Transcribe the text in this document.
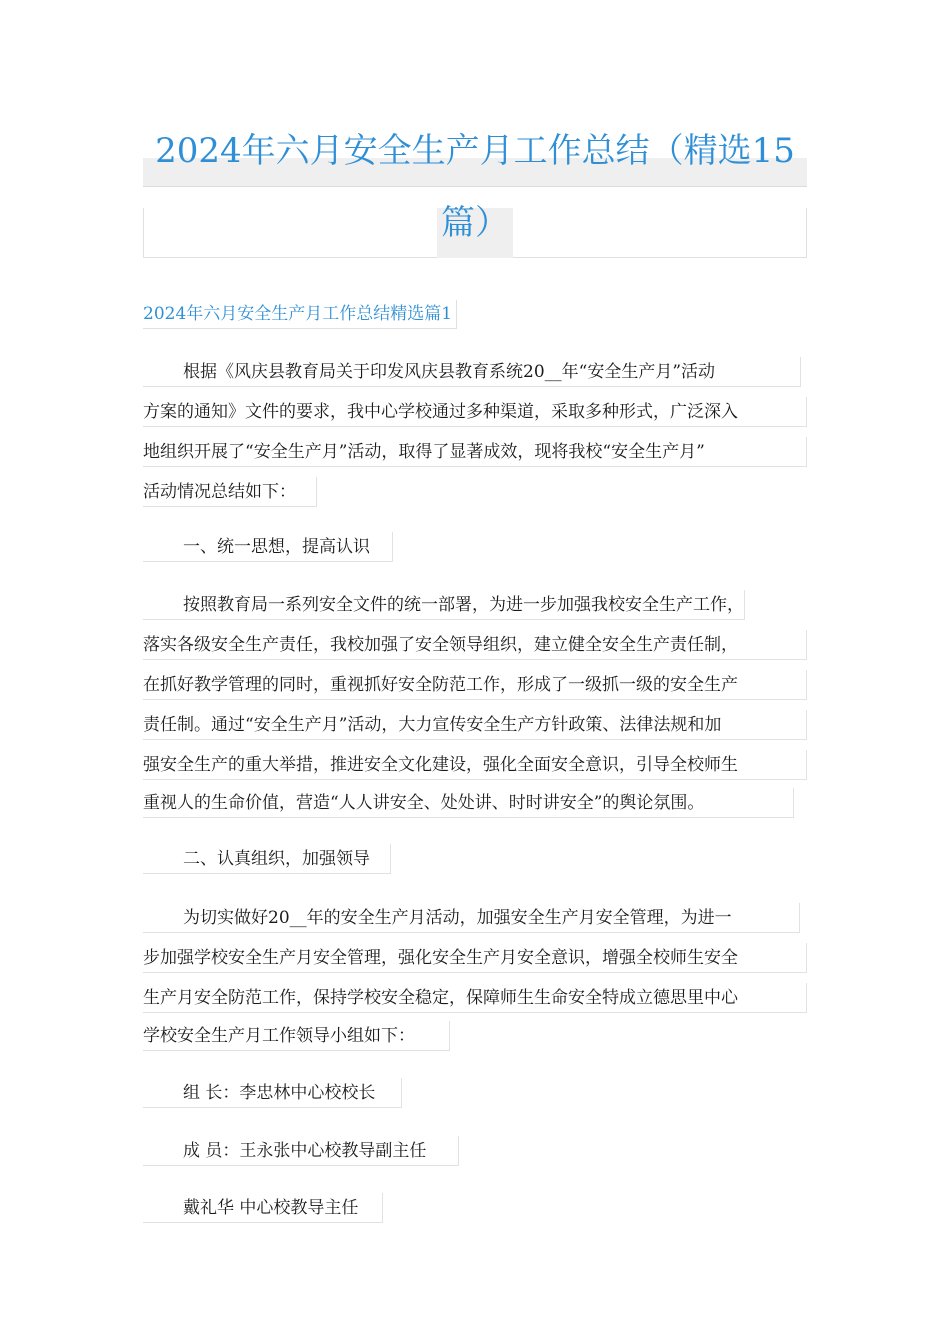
2024年六月安全生产月工作总结（精选15
篇）
2024年六月安全生产月工作总结精选篇1
根据《风庆县教育局关于印发风庆县教育系统20__年“安全生产月”活动
方案的通知》文件的要求，我中心学校通过多种渠道，采取多种形式，广泛深入
地组织开展了“安全生产月”活动，取得了显著成效，现将我校“安全生产月”
活动情况总结如下：
一、统一思想，提高认识
按照教育局一系列安全文件的统一部署，为进一步加强我校安全生产工作，
落实各级安全生产责任，我校加强了安全领导组织，建立健全安全生产责任制，
在抓好教学管理的同时，重视抓好安全防范工作，形成了一级抓一级的安全生产
责任制。通过“安全生产月”活动，大力宣传安全生产方针政策、法律法规和加
强安全生产的重大举措，推进安全文化建设，强化全面安全意识，引导全校师生
重视人的生命价值，营造“人人讲安全、处处讲、时时讲安全”的舆论氛围。
二、认真组织，加强领导
为切实做好20__年的安全生产月活动，加强安全生产月安全管理，为进一
步加强学校安全生产月安全管理，强化安全生产月安全意识，增强全校师生安全
生产月安全防范工作，保持学校安全稳定，保障师生生命安全特成立德思里中心
学校安全生产月工作领导小组如下：
组 长：李忠林中心校校长
成 员：王永张中心校教导副主任
戴礼华 中心校教导主任
